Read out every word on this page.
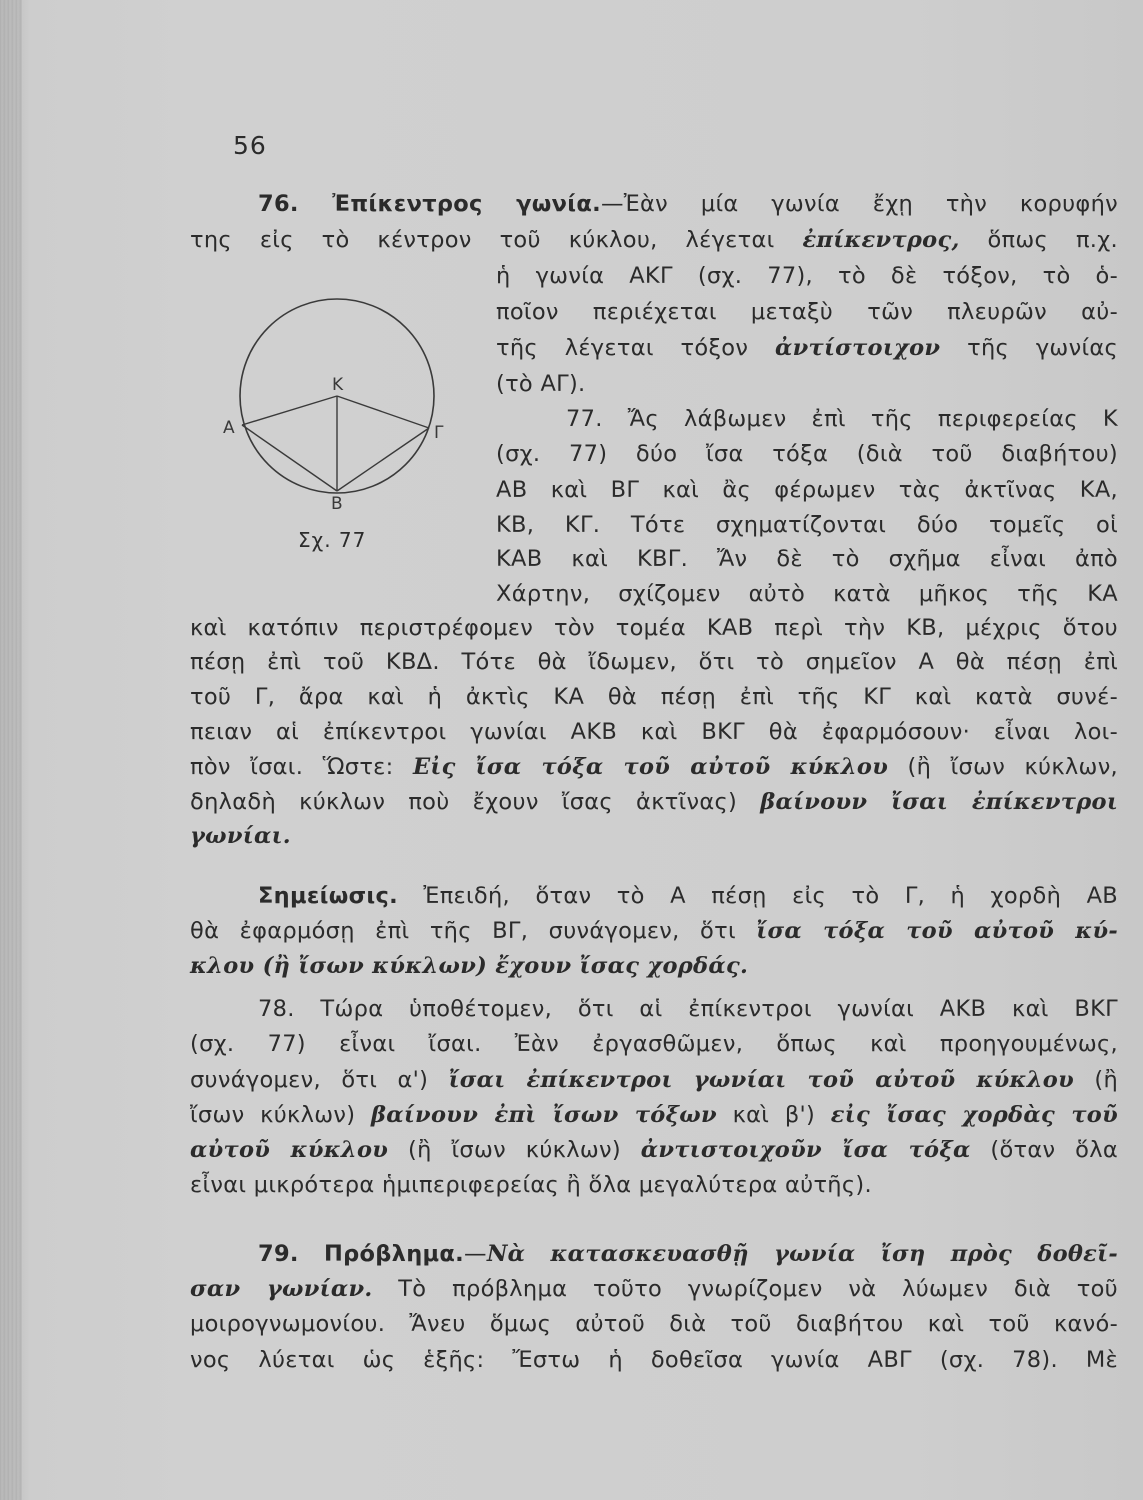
56
Κ
Α	Γ
Β
Σχ. 77
76. Ἐπίκεντρος γωνία.—Ἐὰν μία γωνία ἔχῃ τὴν κορυφήν
της εἰς τὸ κέντρον τοῦ κύκλου, λέγεται ἐπίκεντρος, ὅπως π.χ.
ἡ γωνία ΑΚΓ (σχ. 77), τὸ δὲ τόξον, τὸ ὁ-
ποῖον περιέχεται μεταξὺ τῶν πλευρῶν αὐ-
τῆς λέγεται τόξον ἀντίστοιχον τῆς γωνίας
(τὸ ΑΓ).
77. Ἄς λάβωμεν ἐπὶ τῆς περιφερείας Κ
(σχ. 77) δύο ἴσα τόξα (διὰ τοῦ διαβήτου)
ΑΒ καὶ ΒΓ καὶ ἂς φέρωμεν τὰς ἀκτῖνας ΚΑ,
ΚΒ, ΚΓ. Τότε σχηματίζονται δύο τομεῖς οἱ
ΚΑΒ καὶ ΚΒΓ. Ἄν δὲ τὸ σχῆμα εἶναι ἀπὸ
Χάρτην, σχίζομεν αὐτὸ κατὰ μῆκος τῆς ΚΑ
καὶ κατόπιν περιστρέφομεν τὸν τομέα ΚΑΒ περὶ τὴν ΚΒ, μέχρις ὅτου
πέσῃ ἐπὶ τοῦ ΚΒΔ. Τότε θὰ ἴδωμεν, ὅτι τὸ σημεῖον Α θὰ πέσῃ ἐπὶ
τοῦ Γ, ἄρα καὶ ἡ ἀκτὶς ΚΑ θὰ πέσῃ ἐπὶ τῆς ΚΓ καὶ κατὰ συνέ-
πειαν αἱ ἐπίκεντροι γωνίαι ΑΚΒ καὶ ΒΚΓ θὰ ἐφαρμόσουν· εἶναι λοι-
πὸν ἴσαι. Ὥστε: Εἰς ἴσα τόξα τοῦ αὐτοῦ κύκλου (ἢ ἴσων κύκλων,
δηλαδὴ κύκλων ποὺ ἔχουν ἴσας ἀκτῖνας) βαίνουν ἴσαι ἐπίκεντροι
γωνίαι.
Σημείωσις. Ἐπειδή, ὅταν τὸ Α πέσῃ εἰς τὸ Γ, ἡ χορδὴ ΑΒ
θὰ ἐφαρμόσῃ ἐπὶ τῆς ΒΓ, συνάγομεν, ὅτι ἴσα τόξα τοῦ αὐτοῦ κύ-
κλου (ἢ ἴσων κύκλων) ἔχουν ἴσας χορδάς.
78. Τώρα ὑποθέτομεν, ὅτι αἱ ἐπίκεντροι γωνίαι ΑΚΒ καὶ ΒΚΓ
(σχ. 77) εἶναι ἴσαι. Ἐὰν ἐργασθῶμεν, ὅπως καὶ προηγουμένως,
συνάγομεν, ὅτι α') ἴσαι ἐπίκεντροι γωνίαι τοῦ αὐτοῦ κύκλου (ἢ
ἴσων κύκλων) βαίνουν ἐπὶ ἴσων τόξων καὶ β') εἰς ἴσας χορδὰς τοῦ
αὐτοῦ κύκλου (ἢ ἴσων κύκλων) ἀντιστοιχοῦν ἴσα τόξα (ὅταν ὅλα
εἶναι μικρότερα ἡμιπεριφερείας ἢ ὅλα μεγαλύτερα αὐτῆς).
79. Πρόβλημα.—Νὰ κατασκευασθῇ γωνία ἴση πρὸς δοθεῖ-
σαν γωνίαν. Τὸ πρόβλημα τοῦτο γνωρίζομεν νὰ λύωμεν διὰ τοῦ
μοιρογνωμονίου. Ἄνευ ὅμως αὐτοῦ διὰ τοῦ διαβήτου καὶ τοῦ κανό-
νος λύεται ὡς ἑξῆς: Ἔστω ἡ δοθεῖσα γωνία ΑΒΓ (σχ. 78). Μὲ
